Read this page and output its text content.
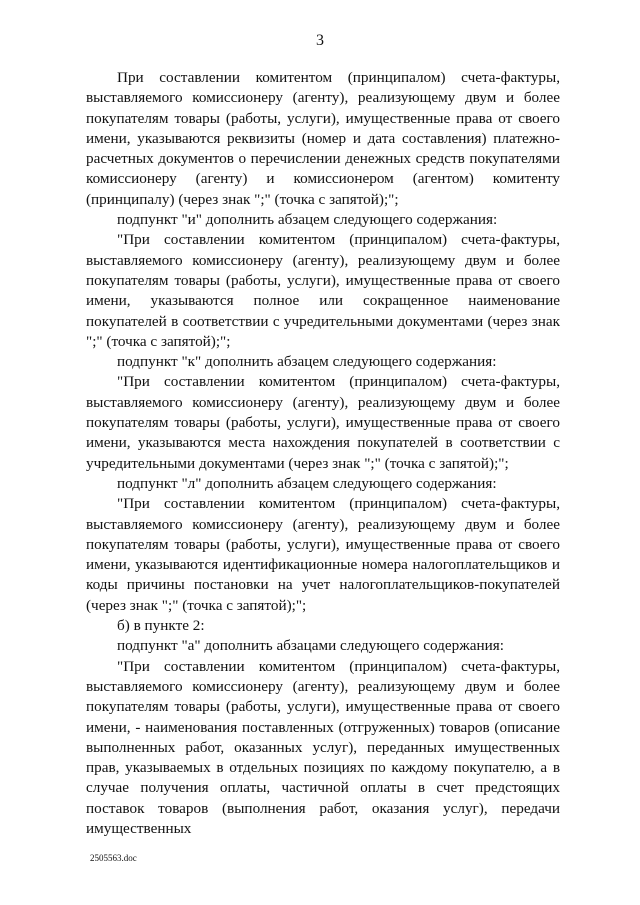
3

При составлении комитентом (принципалом) счета-фактуры, выставляемого комиссионеру (агенту), реализующему двум и более покупателям товары (работы, услуги), имущественные права от своего имени, указываются реквизиты (номер и дата составления) платежно-расчетных документов о перечислении денежных средств покупателями комиссионеру (агенту) и комиссионером (агентом) комитенту (принципалу) (через знак ";" (точка с запятой);";

подпункт "и" дополнить абзацем следующего содержания:

"При составлении комитентом (принципалом) счета-фактуры, выставляемого комиссионеру (агенту), реализующему двум и более покупателям товары (работы, услуги), имущественные права от своего имени, указываются полное или сокращенное наименование покупателей в соответствии с учредительными документами (через знак ";" (точка с запятой);";

подпункт "к" дополнить абзацем следующего содержания:

"При составлении комитентом (принципалом) счета-фактуры, выставляемого комиссионеру (агенту), реализующему двум и более покупателям товары (работы, услуги), имущественные права от своего имени, указываются места нахождения покупателей в соответствии с учредительными документами (через знак ";" (точка с запятой);";

подпункт "л" дополнить абзацем следующего содержания:

"При составлении комитентом (принципалом) счета-фактуры, выставляемого комиссионеру (агенту), реализующему двум и более покупателям товары (работы, услуги), имущественные права от своего имени, указываются идентификационные номера налогоплательщиков и коды причины постановки на учет налогоплательщиков-покупателей (через знак ";" (точка с запятой);";

б) в пункте 2:

подпункт "а" дополнить абзацами следующего содержания:

"При составлении комитентом (принципалом) счета-фактуры, выставляемого комиссионеру (агенту), реализующему двум и более покупателям товары (работы, услуги), имущественные права от своего имени, - наименования поставленных (отгруженных) товаров (описание выполненных работ, оказанных услуг), переданных имущественных прав, указываемых в отдельных позициях по каждому покупателю, а в случае получения оплаты, частичной оплаты в счет предстоящих поставок товаров (выполнения работ, оказания услуг), передачи имущественных

2505563.doc
